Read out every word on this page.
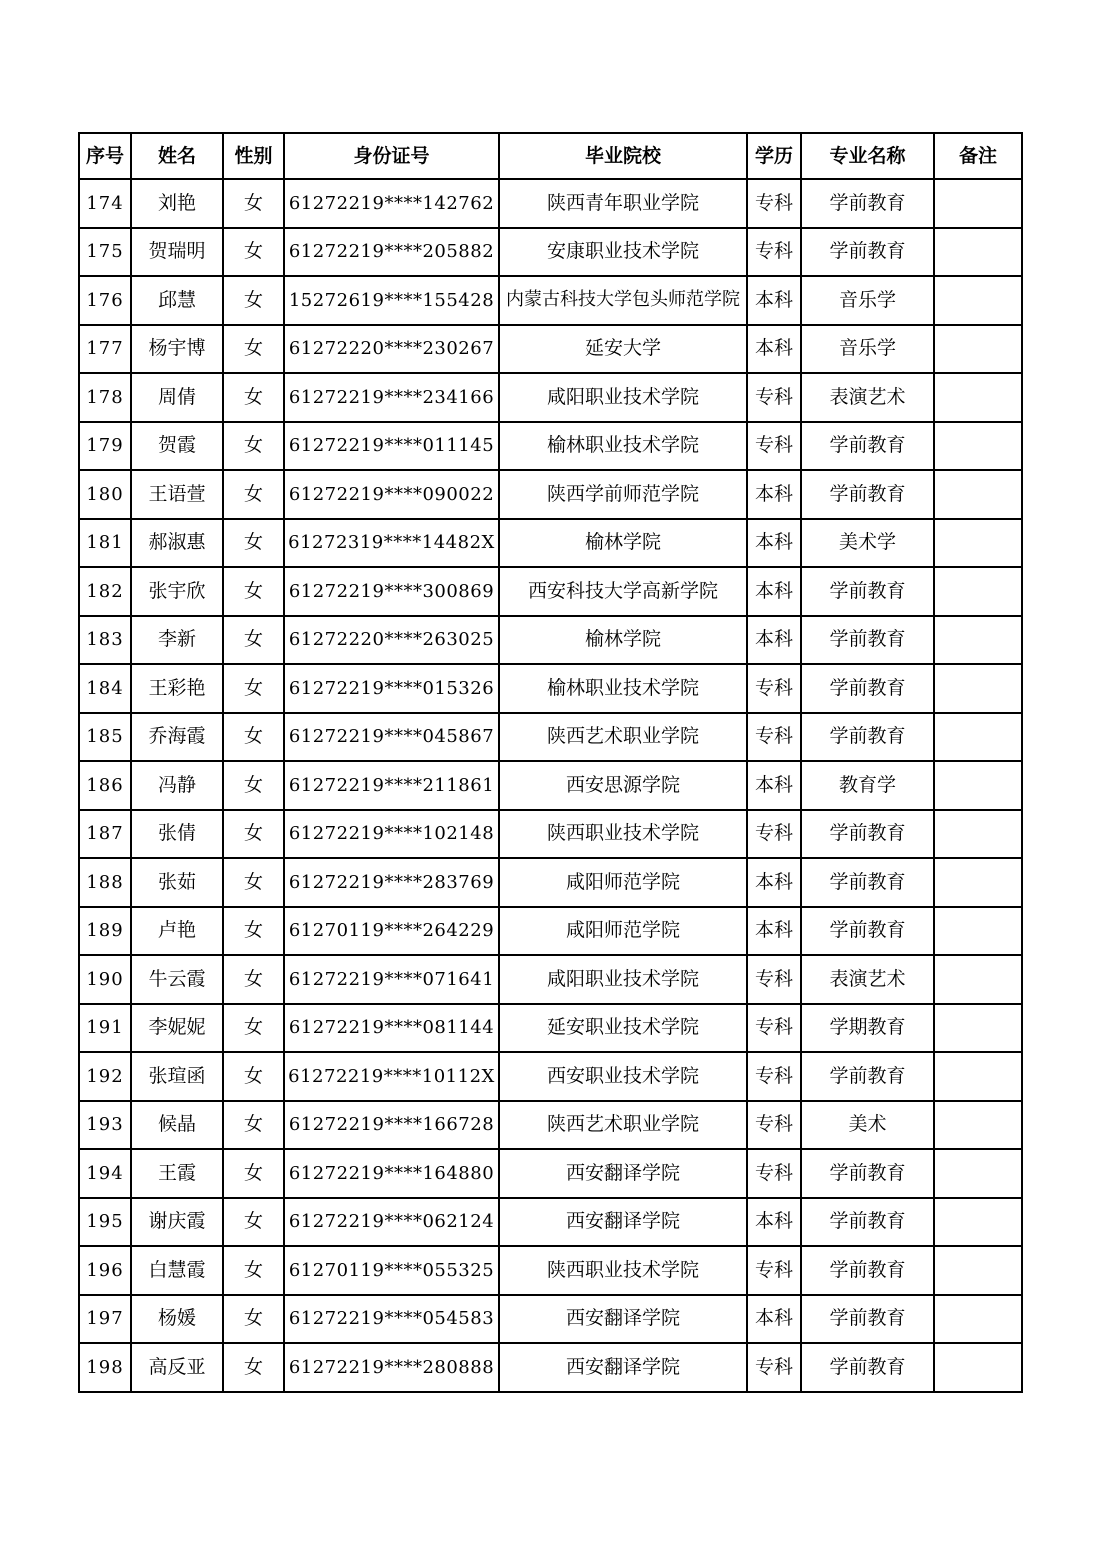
序号	姓名	性别	身份证号	毕业院校	学历	专业名称	备注
174	刘艳	女	61272219****142762	陕西青年职业学院	专科	学前教育	
175	贺瑞明	女	61272219****205882	安康职业技术学院	专科	学前教育	
176	邱慧	女	15272619****155428	内蒙古科技大学包头师范学院	本科	音乐学	
177	杨宇博	女	61272220****230267	延安大学	本科	音乐学	
178	周倩	女	61272219****234166	咸阳职业技术学院	专科	表演艺术	
179	贺霞	女	61272219****011145	榆林职业技术学院	专科	学前教育	
180	王语萱	女	61272219****090022	陕西学前师范学院	本科	学前教育	
181	郝淑惠	女	61272319****14482X	榆林学院	本科	美术学	
182	张宇欣	女	61272219****300869	西安科技大学高新学院	本科	学前教育	
183	李新	女	61272220****263025	榆林学院	本科	学前教育	
184	王彩艳	女	61272219****015326	榆林职业技术学院	专科	学前教育	
185	乔海霞	女	61272219****045867	陕西艺术职业学院	专科	学前教育	
186	冯静	女	61272219****211861	西安思源学院	本科	教育学	
187	张倩	女	61272219****102148	陕西职业技术学院	专科	学前教育	
188	张茹	女	61272219****283769	咸阳师范学院	本科	学前教育	
189	卢艳	女	61270119****264229	咸阳师范学院	本科	学前教育	
190	牛云霞	女	61272219****071641	咸阳职业技术学院	专科	表演艺术	
191	李妮妮	女	61272219****081144	延安职业技术学院	专科	学期教育	
192	张瑄函	女	61272219****10112X	西安职业技术学院	专科	学前教育	
193	候晶	女	61272219****166728	陕西艺术职业学院	专科	美术	
194	王霞	女	61272219****164880	西安翻译学院	专科	学前教育	
195	谢庆霞	女	61272219****062124	西安翻译学院	本科	学前教育	
196	白慧霞	女	61270119****055325	陕西职业技术学院	专科	学前教育	
197	杨媛	女	61272219****054583	西安翻译学院	本科	学前教育	
198	高反亚	女	61272219****280888	西安翻译学院	专科	学前教育	
